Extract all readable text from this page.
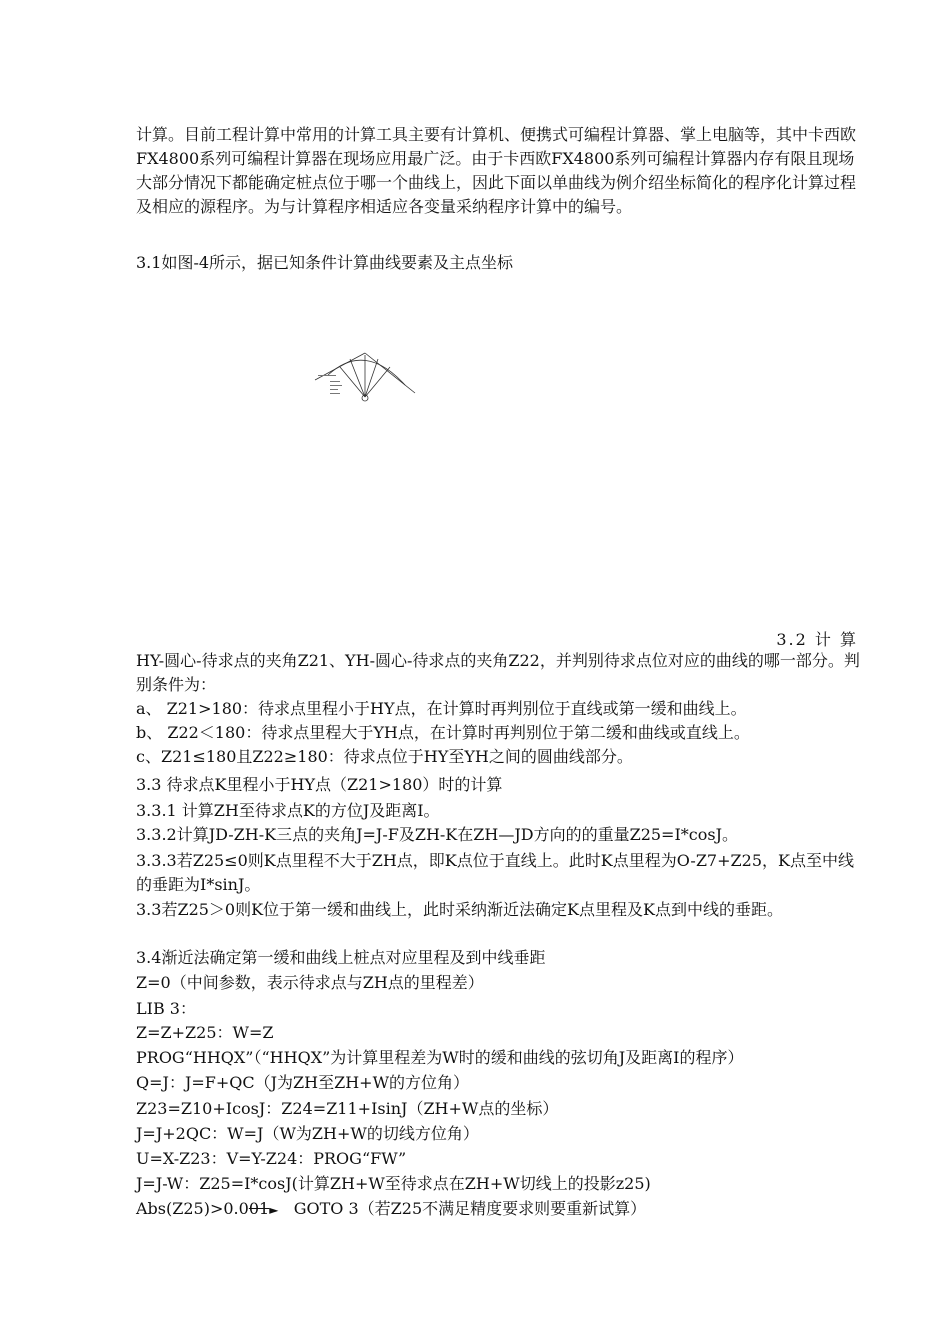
计算。目前工程计算中常用的计算工具主要有计算机、便携式可编程计算器、掌上电脑等，其中卡西欧FX4800系列可编程计算器在现场应用最广泛。由于卡西欧FX4800系列可编程计算器内存有限且现场大部分情况下都能确定桩点位于哪一个曲线上，因此下面以单曲线为例介绍坐标简化的程序化计算过程及相应的源程序。为与计算程序相适应各变量采纳程序计算中的编号。

3.1如图-4所示，据已知条件计算曲线要素及主点坐标

3.2 计 算

HY-圆心-待求点的夹角Z21、YH-圆心-待求点的夹角Z22，并判别待求点位对应的曲线的哪一部分。判别条件为：

a、 Z21>180：待求点里程小于HY点，在计算时再判别位于直线或第一缓和曲线上。

b、 Z22＜180：待求点里程大于YH点，在计算时再判别位于第二缓和曲线或直线上。

c、Z21≤180且Z22≥180：待求点位于HY至YH之间的圆曲线部分。

3.3 待求点K里程小于HY点（Z21>180）时的计算

3.3.1 计算ZH至待求点K的方位J及距离I。

3.3.2计算JD-ZH-K三点的夹角J=J-F及ZH-K在ZH—JD方向的的重量Z25=I*cosJ。

3.3.3若Z25≤0则K点里程不大于ZH点，即K点位于直线上。此时K点里程为O-Z7+Z25，K点至中线的垂距为I*sinJ。

3.3若Z25＞0则K位于第一缓和曲线上，此时采纳渐近法确定K点里程及K点到中线的垂距。

3.4渐近法确定第一缓和曲线上桩点对应里程及到中线垂距

Z=0（中间参数，表示待求点与ZH点的里程差）

LIB 3：

Z=Z+Z25：W=Z

PROG“HHQX”（“HHQX”为计算里程差为W时的缓和曲线的弦切角J及距离I的程序）

Q=J：J=F+QC（J为ZH至ZH+W的方位角）

Z23=Z10+IcosJ：Z24=Z11+IsinJ（ZH+W点的坐标）

J=J+2QC：W=J（W为ZH+W的切线方位角）

U=X-Z23：V=Y-Z24：PROG“FW”

J=J-W：Z25=I*cosJ(计算ZH+W至待求点在ZH+W切线上的投影z25)

Abs(Z25)>0.001► GOTO 3（若Z25不满足精度要求则要重新试算）
